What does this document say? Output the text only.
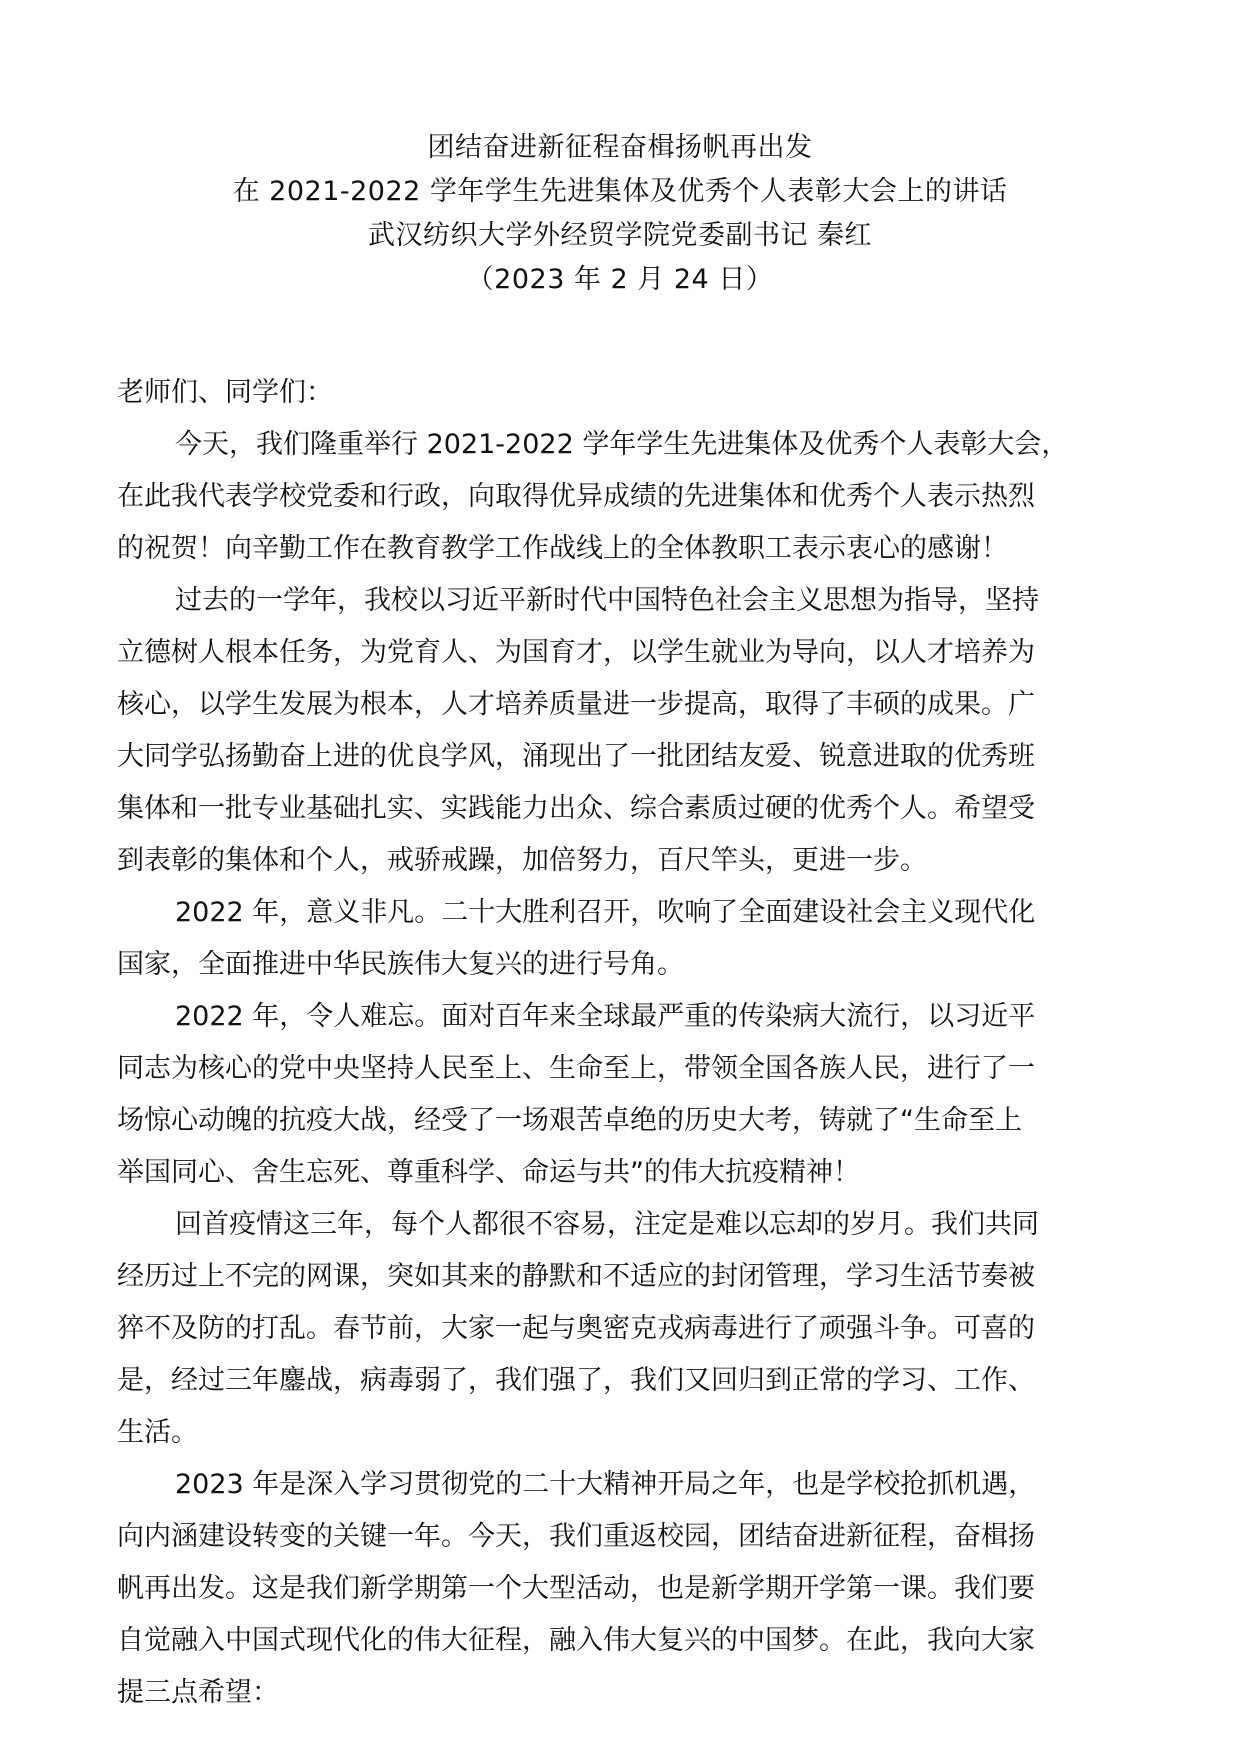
团结奋进新征程奋楫扬帆再出发
在 2021-2022 学年学生先进集体及优秀个人表彰大会上的讲话
武汉纺织大学外经贸学院党委副书记 秦红
（2023 年 2 月 24 日）
老师们、同学们：
今天，我们隆重举行 2021-2022 学年学生先进集体及优秀个人表彰大会，
在此我代表学校党委和行政，向取得优异成绩的先进集体和优秀个人表示热烈
的祝贺！向辛勤工作在教育教学工作战线上的全体教职工表示衷心的感谢！
过去的一学年，我校以习近平新时代中国特色社会主义思想为指导，坚持
立德树人根本任务，为党育人、为国育才，以学生就业为导向，以人才培养为
核心，以学生发展为根本，人才培养质量进一步提高，取得了丰硕的成果。广
大同学弘扬勤奋上进的优良学风，涌现出了一批团结友爱、锐意进取的优秀班
集体和一批专业基础扎实、实践能力出众、综合素质过硬的优秀个人。希望受
到表彰的集体和个人，戒骄戒躁，加倍努力，百尺竿头，更进一步。
2022 年，意义非凡。二十大胜利召开，吹响了全面建设社会主义现代化
国家，全面推进中华民族伟大复兴的进行号角。
2022 年，令人难忘。面对百年来全球最严重的传染病大流行，以习近平
同志为核心的党中央坚持人民至上、生命至上，带领全国各族人民，进行了一
场惊心动魄的抗疫大战，经受了一场艰苦卓绝的历史大考，铸就了“生命至上
举国同心、舍生忘死、尊重科学、命运与共”的伟大抗疫精神！
回首疫情这三年，每个人都很不容易，注定是难以忘却的岁月。我们共同
经历过上不完的网课，突如其来的静默和不适应的封闭管理，学习生活节奏被
猝不及防的打乱。春节前，大家一起与奥密克戎病毒进行了顽强斗争。可喜的
是，经过三年鏖战，病毒弱了，我们强了，我们又回归到正常的学习、工作、
生活。
2023 年是深入学习贯彻党的二十大精神开局之年，也是学校抢抓机遇，
向内涵建设转变的关键一年。今天，我们重返校园，团结奋进新征程，奋楫扬
帆再出发。这是我们新学期第一个大型活动，也是新学期开学第一课。我们要
自觉融入中国式现代化的伟大征程，融入伟大复兴的中国梦。在此，我向大家
提三点希望：
